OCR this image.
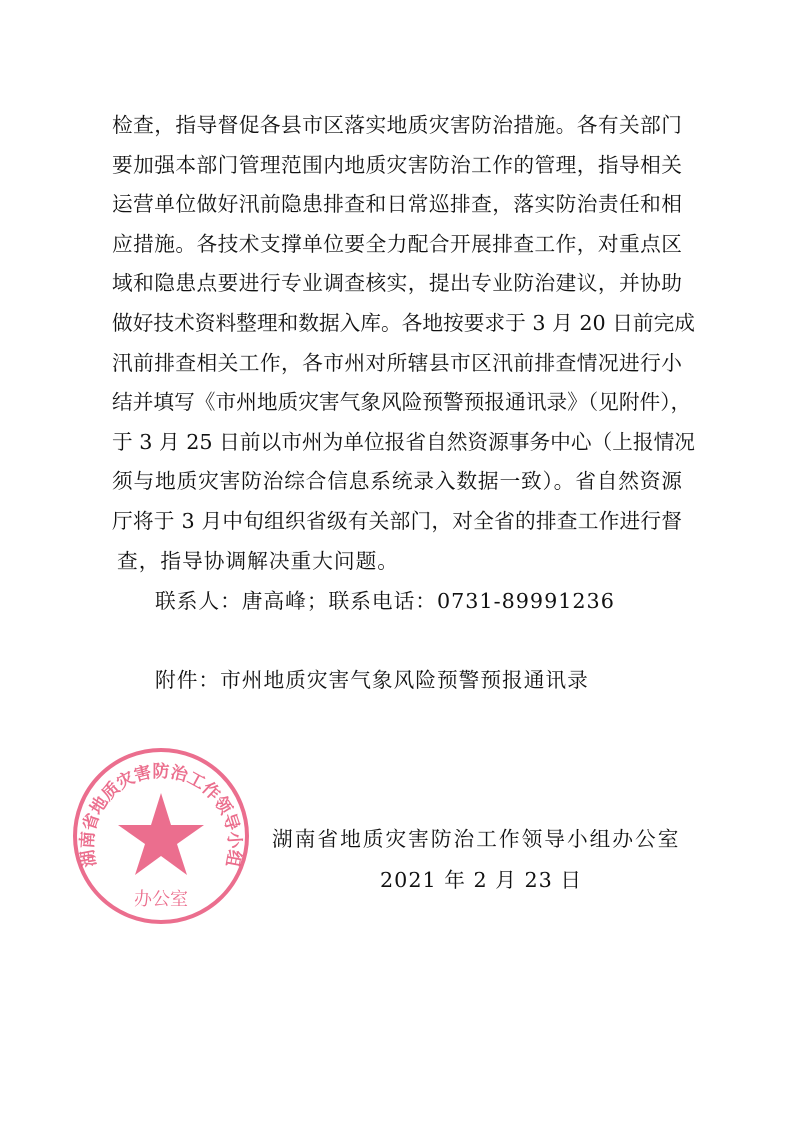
检查，指导督促各县市区落实地质灾害防治措施。各有关部门
要加强本部门管理范围内地质灾害防治工作的管理，指导相关
运营单位做好汛前隐患排查和日常巡排查，落实防治责任和相
应措施。各技术支撑单位要全力配合开展排查工作，对重点区
域和隐患点要进行专业调查核实，提出专业防治建议，并协助
做好技术资料整理和数据入库。各地按要求于 3 月 20 日前完成
汛前排查相关工作，各市州对所辖县市区汛前排查情况进行小
结并填写《市州地质灾害气象风险预警预报通讯录》（见附件），
于 3 月 25 日前以市州为单位报省自然资源事务中心（上报情况
须与地质灾害防治综合信息系统录入数据一致）。省自然资源
厅将于 3 月中旬组织省级有关部门，对全省的排查工作进行督
查，指导协调解决重大问题。
联系人：唐高峰；联系电话：0731-89991236
附件：市州地质灾害气象风险预警预报通讯录
湖南省地质灾害防治工作领导小组
办公室
湖南省地质灾害防治工作领导小组办公室
2021 年 2 月 23 日
